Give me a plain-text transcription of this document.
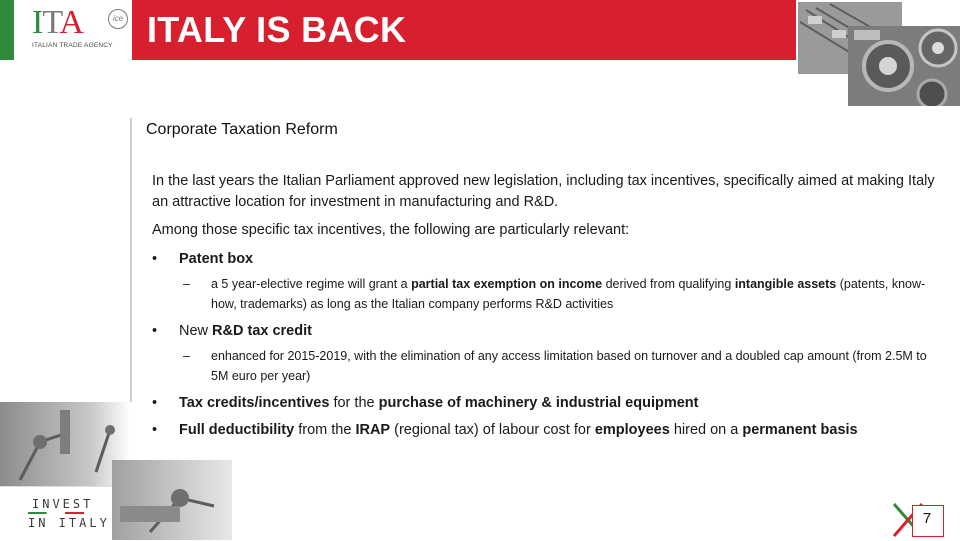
ITA	ice
ITALIAN TRADE AGENCY ITALY IS BACK
INVEST
IN ITALY
Corporate Taxation Reform
In the last years the Italian Parliament approved new legislation, including tax incentives, specifically aimed at making Italy an attractive location for investment in manufacturing and R&D.
Among those specific tax incentives, the following are particularly relevant:
•	Patent box
– a 5 year-elective regime will grant a partial tax exemption on income derived from qualifying intangible assets (patents, know-how, trademarks) as long as the Italian company performs R&D activities
•	New R&D tax credit
– enhanced for 2015-2019, with the elimination of any access limitation based on turnover and a doubled cap amount (from 2.5M to 5M euro per year)
•	Tax credits/incentives for the purchase of machinery & industrial equipment
•	Full deductibility from the IRAP (regional tax) of labour cost for employees hired on a permanent basis
7
